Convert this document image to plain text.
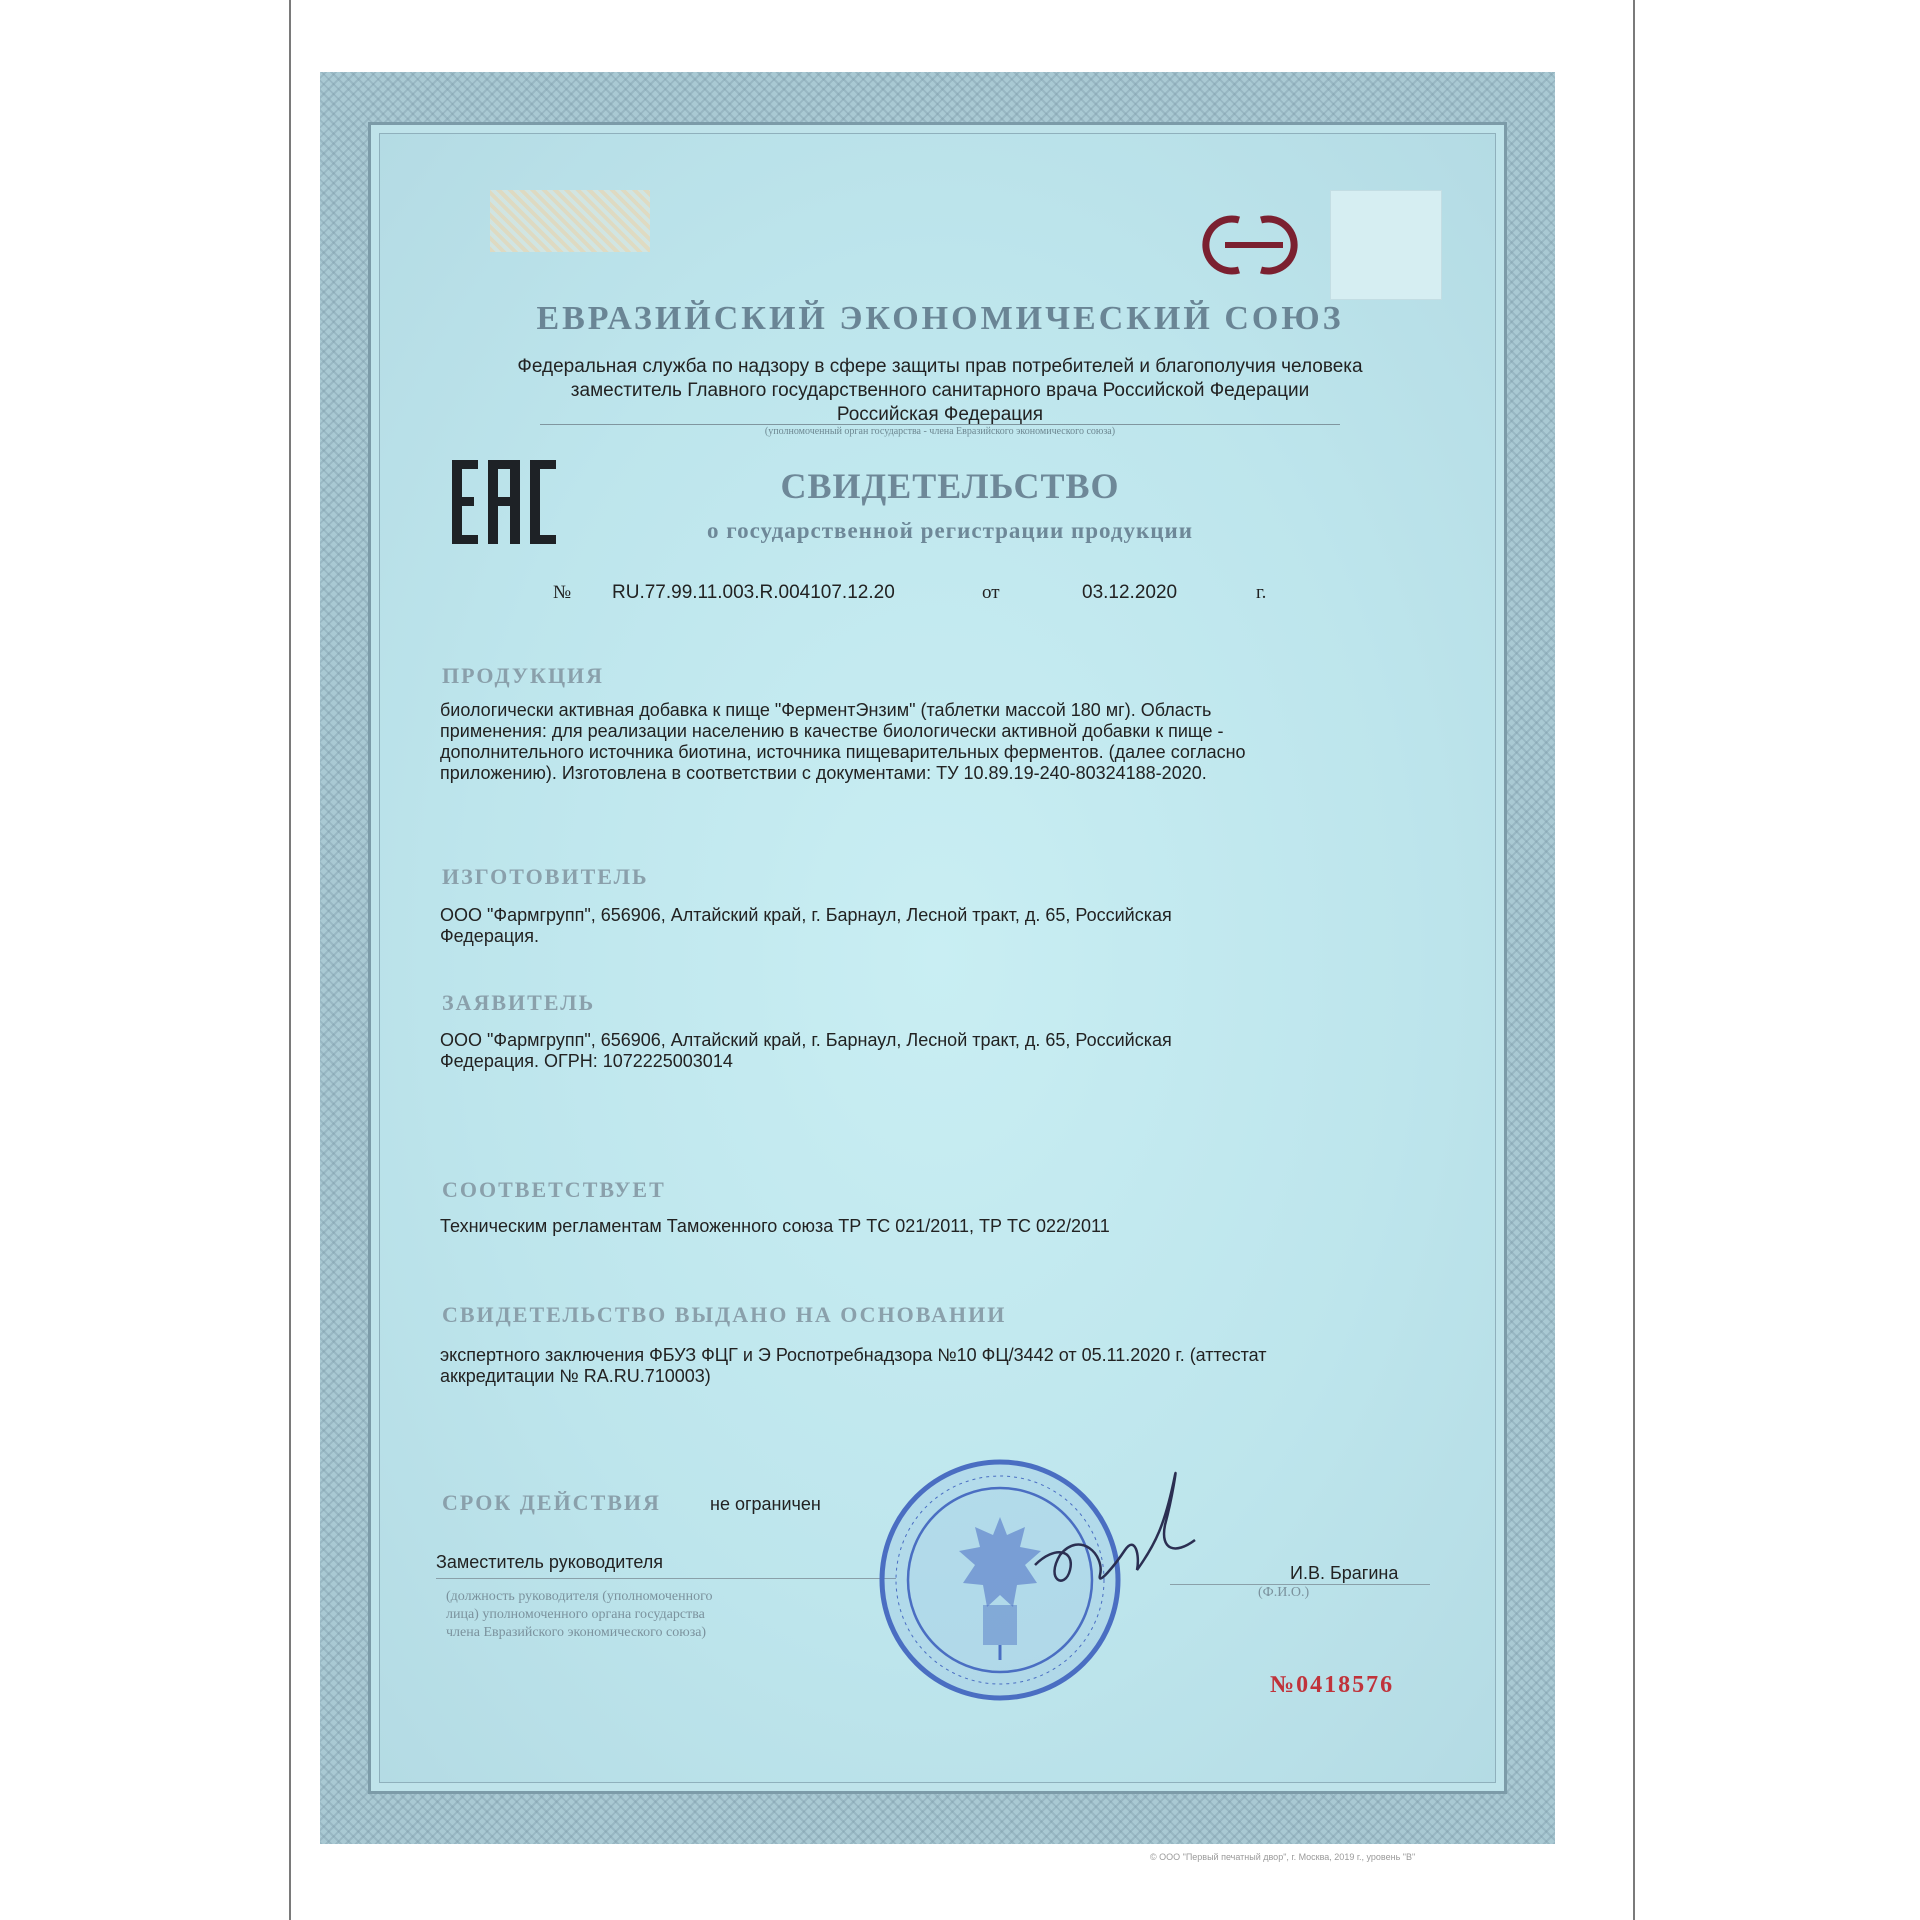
ЕВРАЗИЙСКИЙ ЭКОНОМИЧЕСКИЙ СОЮЗ
Федеральная служба по надзору в сфере защиты прав потребителей и благополучия человека
заместитель Главного государственного санитарного врача Российской Федерации
Российская Федерация
(уполномоченный орган государства - члена Евразийского экономического союза)
СВИДЕТЕЛЬСТВО
о государственной регистрации продукции
№ RU.77.99.11.003.R.004107.12.20	от	03.12.2020	г.
ПРОДУКЦИЯ
биологически активная добавка к пище "ФерментЭнзим" (таблетки массой 180 мг). Область
применения: для реализации населению в качестве биологически активной добавки к пище -
дополнительного источника биотина, источника пищеварительных ферментов. (далее согласно
приложению). Изготовлена в соответствии с документами: ТУ 10.89.19-240-80324188-2020.
ИЗГОТОВИТЕЛЬ
ООО "Фармгрупп", 656906, Алтайский край, г. Барнаул, Лесной тракт, д. 65, Российская
Федерация.
ЗАЯВИТЕЛЬ
ООО "Фармгрупп", 656906, Алтайский край, г. Барнаул, Лесной тракт, д. 65, Российская
Федерация. ОГРН: 1072225003014
СООТВЕТСТВУЕТ
Техническим регламентам Таможенного союза ТР ТС 021/2011, ТР ТС 022/2011
СВИДЕТЕЛЬСТВО ВЫДАНО НА ОСНОВАНИИ
экспертного заключения ФБУЗ ФЦГ и Э Роспотребнадзора №10 ФЦ/3442 от 05.11.2020 г. (аттестат
аккредитации № RA.RU.710003)
СРОК ДЕЙСТВИЯ	не ограничен
Заместитель руководителя
(должность руководителя (уполномоченного
лица) уполномоченного органа государства
члена Евразийского экономического союза)
И.В. Брагина
(Ф.И.О.)
№0418576
© ООО "Первый печатный двор", г. Москва, 2019 г., уровень "В"
